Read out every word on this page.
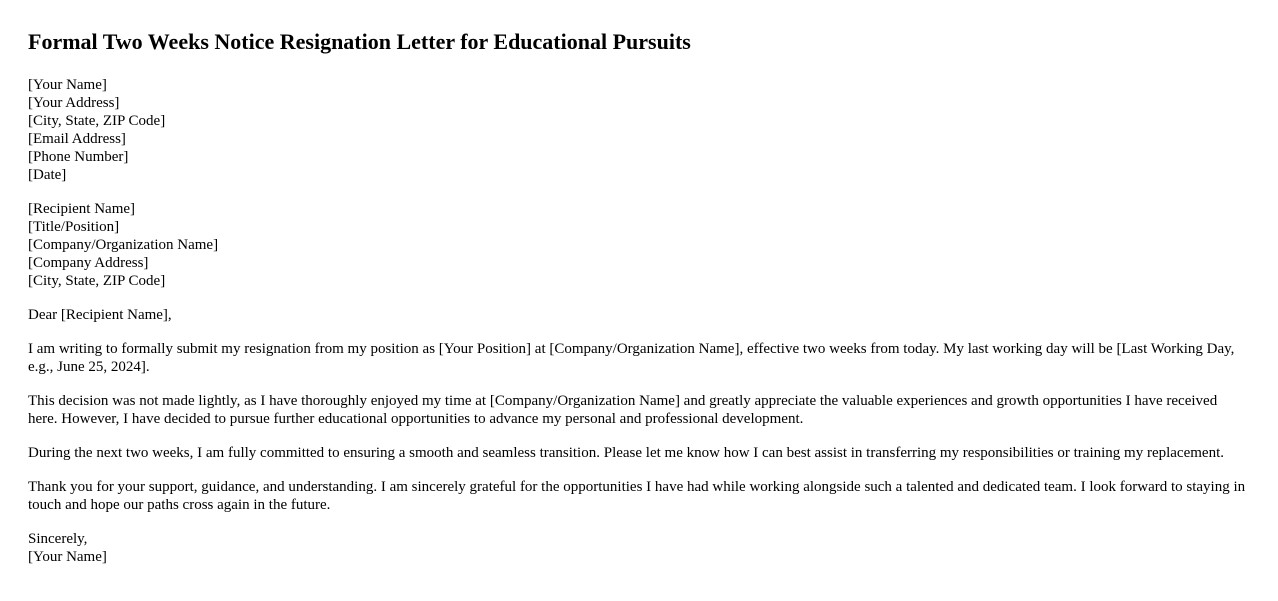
Formal Two Weeks Notice Resignation Letter for Educational Pursuits
[Your Name]
[Your Address]
[City, State, ZIP Code]
[Email Address]
[Phone Number]
[Date]
[Recipient Name]
[Title/Position]
[Company/Organization Name]
[Company Address]
[City, State, ZIP Code]
Dear [Recipient Name],

I am writing to formally submit my resignation from my position as [Your Position] at [Company/Organization Name], effective two weeks from today. My last working day will be [Last Working Day, e.g., June 25, 2024].

This decision was not made lightly, as I have thoroughly enjoyed my time at [Company/Organization Name] and greatly appreciate the valuable experiences and growth opportunities I have received here. However, I have decided to pursue further educational opportunities to advance my personal and professional development.

During the next two weeks, I am fully committed to ensuring a smooth and seamless transition. Please let me know how I can best assist in transferring my responsibilities or training my replacement.

Thank you for your support, guidance, and understanding. I am sincerely grateful for the opportunities I have had while working alongside such a talented and dedicated team. I look forward to staying in touch and hope our paths cross again in the future.

Sincerely,
[Your Name]
